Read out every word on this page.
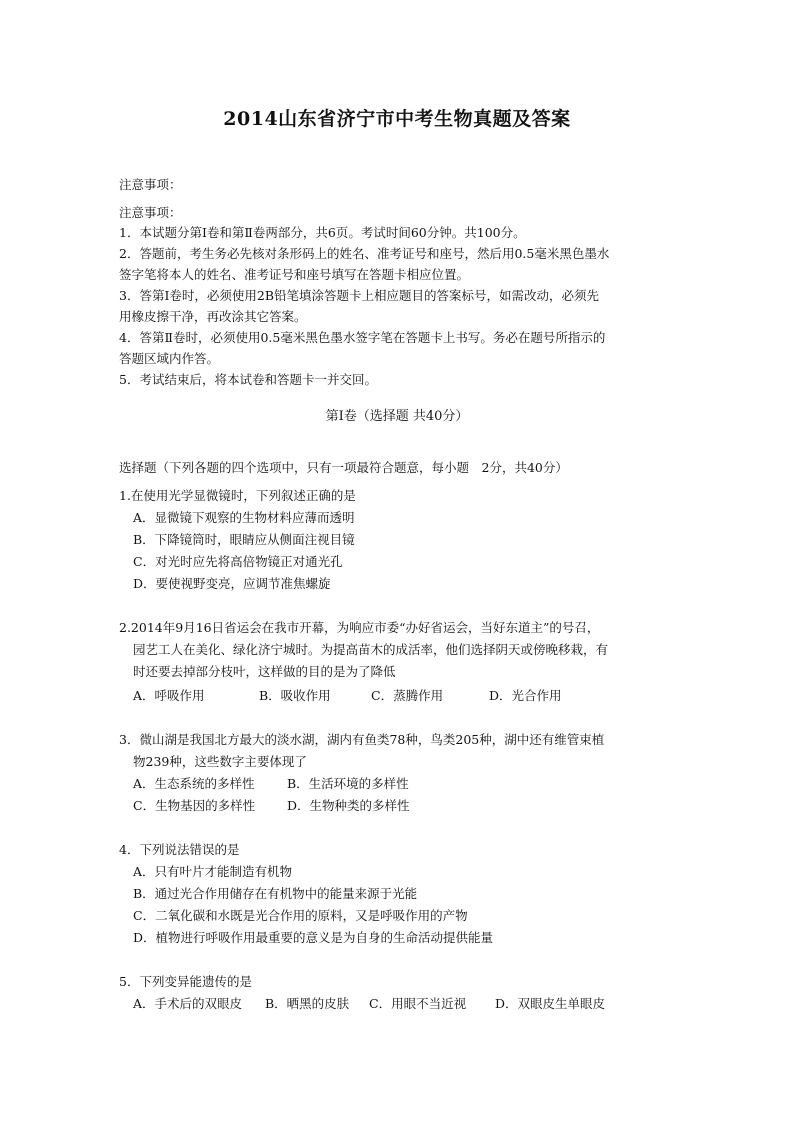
2014山东省济宁市中考生物真题及答案
注意事项：
注意事项：
1．本试题分第Ⅰ卷和第Ⅱ卷两部分，共6页。考试时间60分钟。共100分。
2．答题前，考生务必先核对条形码上的姓名、准考证号和座号，然后用0.5毫米黑色墨水
签字笔将本人的姓名、准考证号和座号填写在答题卡相应位置。
3．答第Ⅰ卷时，必须使用2B铅笔填涂答题卡上相应题目的答案标号，如需改动，必须先
用橡皮擦干净，再改涂其它答案。
4．答第Ⅱ卷时，必须使用0.5毫米黑色墨水签字笔在答题卡上书写。务必在题号所指示的
答题区域内作答。
5．考试结束后，将本试卷和答题卡一并交回。
第Ⅰ卷（选择题 共40分）
选择题（下列各题的四个选项中，只有一项最符合题意，每小题　2分，共40分）
1.在使用光学显微镜时，下列叙述正确的是
A．显微镜下观察的生物材料应薄而透明
B．下降镜筒时，眼睛应从侧面注视目镜
C．对光时应先将高倍物镜正对通光孔
D．要使视野变亮，应调节准焦螺旋
2.2014年9月16日省运会在我市开幕，为响应市委“办好省运会，当好东道主”的号召，
园艺工人在美化、绿化济宁城时。为提高苗木的成活率，他们选择阴天或傍晚移栽，有
时还要去掉部分枝叶，这样做的目的是为了降低
A．呼吸作用	B．吸收作用	C．蒸腾作用	D．光合作用
3．微山湖是我国北方最大的淡水湖，湖内有鱼类78种，鸟类205种，湖中还有维管束植
物239种，这些数字主要体现了
A．生态系统的多样性	B．生活环境的多样性
C．生物基因的多样性	D．生物种类的多样性
4．下列说法错误的是
A．只有叶片才能制造有机物
B．通过光合作用储存在有机物中的能量来源于光能
C．二氧化碳和水既是光合作用的原料，又是呼吸作用的产物
D．植物进行呼吸作用最重要的意义是为自身的生命活动提供能量
5．下列变异能遗传的是
A．手术后的双眼皮 B．晒黑的皮肤 C．用眼不当近视 D．双眼皮生单眼皮
